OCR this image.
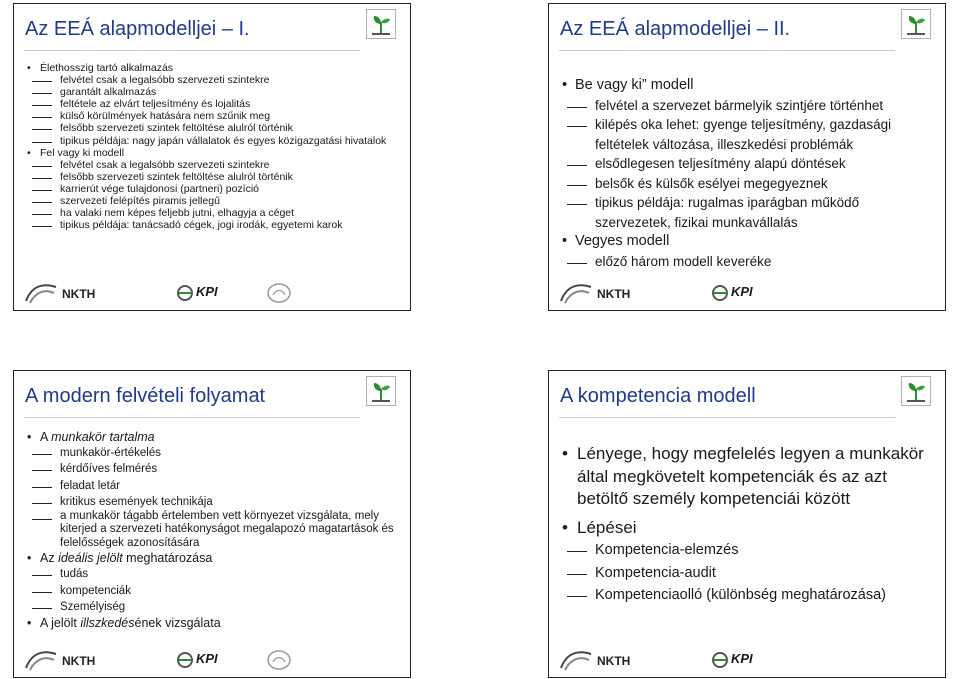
Az EEÁ alapmodelljei – I.
• Élethosszig tartó alkalmazás
felvétel csak a legalsóbb szervezeti szintekre
garantált alkalmazás
feltétele az elvárt teljesítmény és lojalitás
külső körülmények hatására nem szűnik meg
felsőbb szervezeti szintek feltöltése alulról történik
tipikus példája: nagy japán vállalatok és egyes közigazgatási hivatalok
• Fel vagy ki modell
felvétel csak a legalsóbb szervezeti szintekre
felsőbb szervezeti szintek feltöltése alulról történik
karrierút vége tulajdonosi (partneri) pozíció
szervezeti felépítés piramis jellegű
ha valaki nem képes feljebb jutni, elhagyja a céget
tipikus példája: tanácsadó cégek, jogi irodák, egyetemi karok
NKTH	KPI
Az EEÁ alapmodelljei – II.
• Be vagy ki” modell
felvétel a szervezet bármelyik szintjére történhet
kilépés oka lehet: gyenge teljesítmény, gazdasági feltételek változása, illeszkedési problémák
elsődlegesen teljesítmény alapú döntések
belsők és külsők esélyei megegyeznek
tipikus példája: rugalmas iparágban működő szervezetek, fizikai munkavállalás
• Vegyes modell
előző három modell keveréke
NKTH	KPI
A modern felvételi folyamat
• A munkakör tartalma
munkakör-értékelés
kérdőíves felmérés
feladat letár
kritikus események technikája
a munkakör tágabb értelemben vett környezet vizsgálata, mely kiterjed a szervezeti hatékonyságot megalapozó magatartások és felelősségek azonosítására
• Az ideális jelölt meghatározása
tudás
kompetenciák
Személyiség
• A jelölt illszkedésének vizsgálata
NKTH	KPI
A kompetencia modell
• Lényege, hogy megfelelés legyen a munkakör által megkövetelt kompetenciák és az azt betöltő személy kompetenciái között
• Lépései
Kompetencia-elemzés
Kompetencia-audit
Kompetenciaolló (különbség meghatározása)
NKTH	KPI
